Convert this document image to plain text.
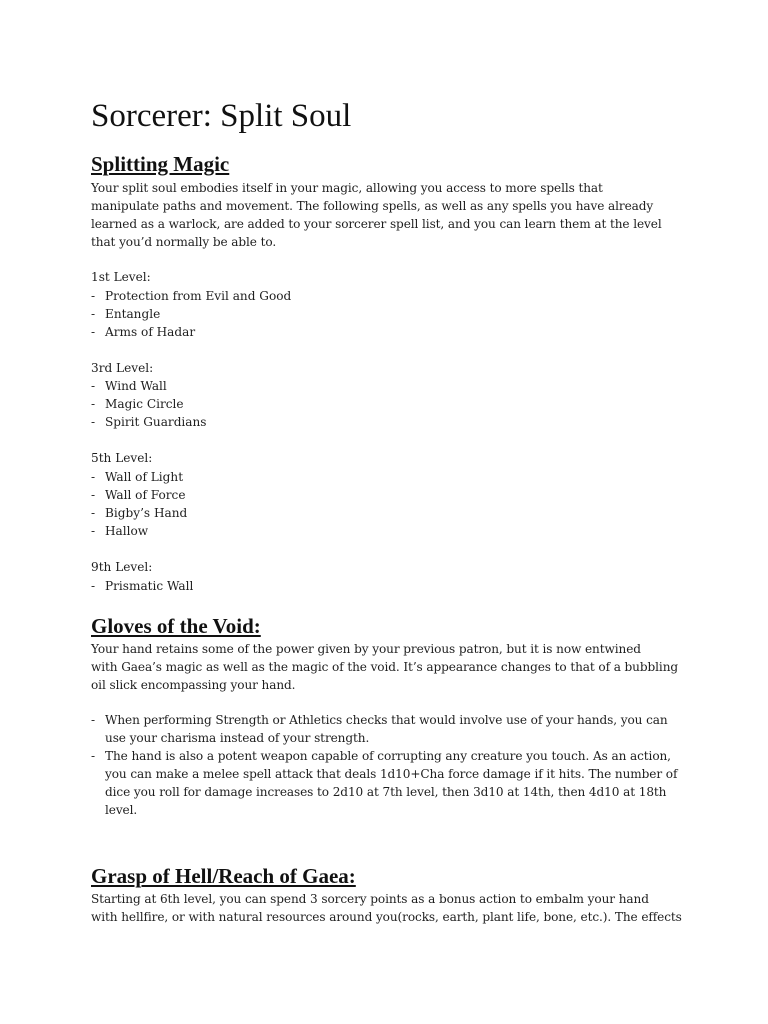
Sorcerer: Split Soul
Splitting Magic

Your split soul embodies itself in your magic, allowing you access to more spells that
manipulate paths and movement. The following spells, as well as any spells you have already
learned as a warlock, are added to your sorcerer spell list, and you can learn them at the level
that you’d normally be able to.

1st Level:
- Protection from Evil and Good
- Entangle
- Arms of Hadar
3rd Level:
- Wind Wall
- Magic Circle
- Spirit Guardians
5th Level:
- Wall of Light
- Wall of Force
- Bigby’s Hand
- Hallow
9th Level:
- Prismatic Wall
Gloves of the Void:

Your hand retains some of the power given by your previous patron, but it is now entwined
with Gaea’s magic as well as the magic of the void. It’s appearance changes to that of a bubbling
oil slick encompassing your hand.

- When performing Strength or Athletics checks that would involve use of your hands, you can
use your charisma instead of your strength.
- The hand is also a potent weapon capable of corrupting any creature you touch. As an action,
you can make a melee spell attack that deals 1d10+Cha force damage if it hits. The number of
dice you roll for damage increases to 2d10 at 7th level, then 3d10 at 14th, then 4d10 at 18th
level.
Grasp of Hell/Reach of Gaea:

Starting at 6th level, you can spend 3 sorcery points as a bonus action to embalm your hand
with hellfire, or with natural resources around you(rocks, earth, plant life, bone, etc.). The effects
